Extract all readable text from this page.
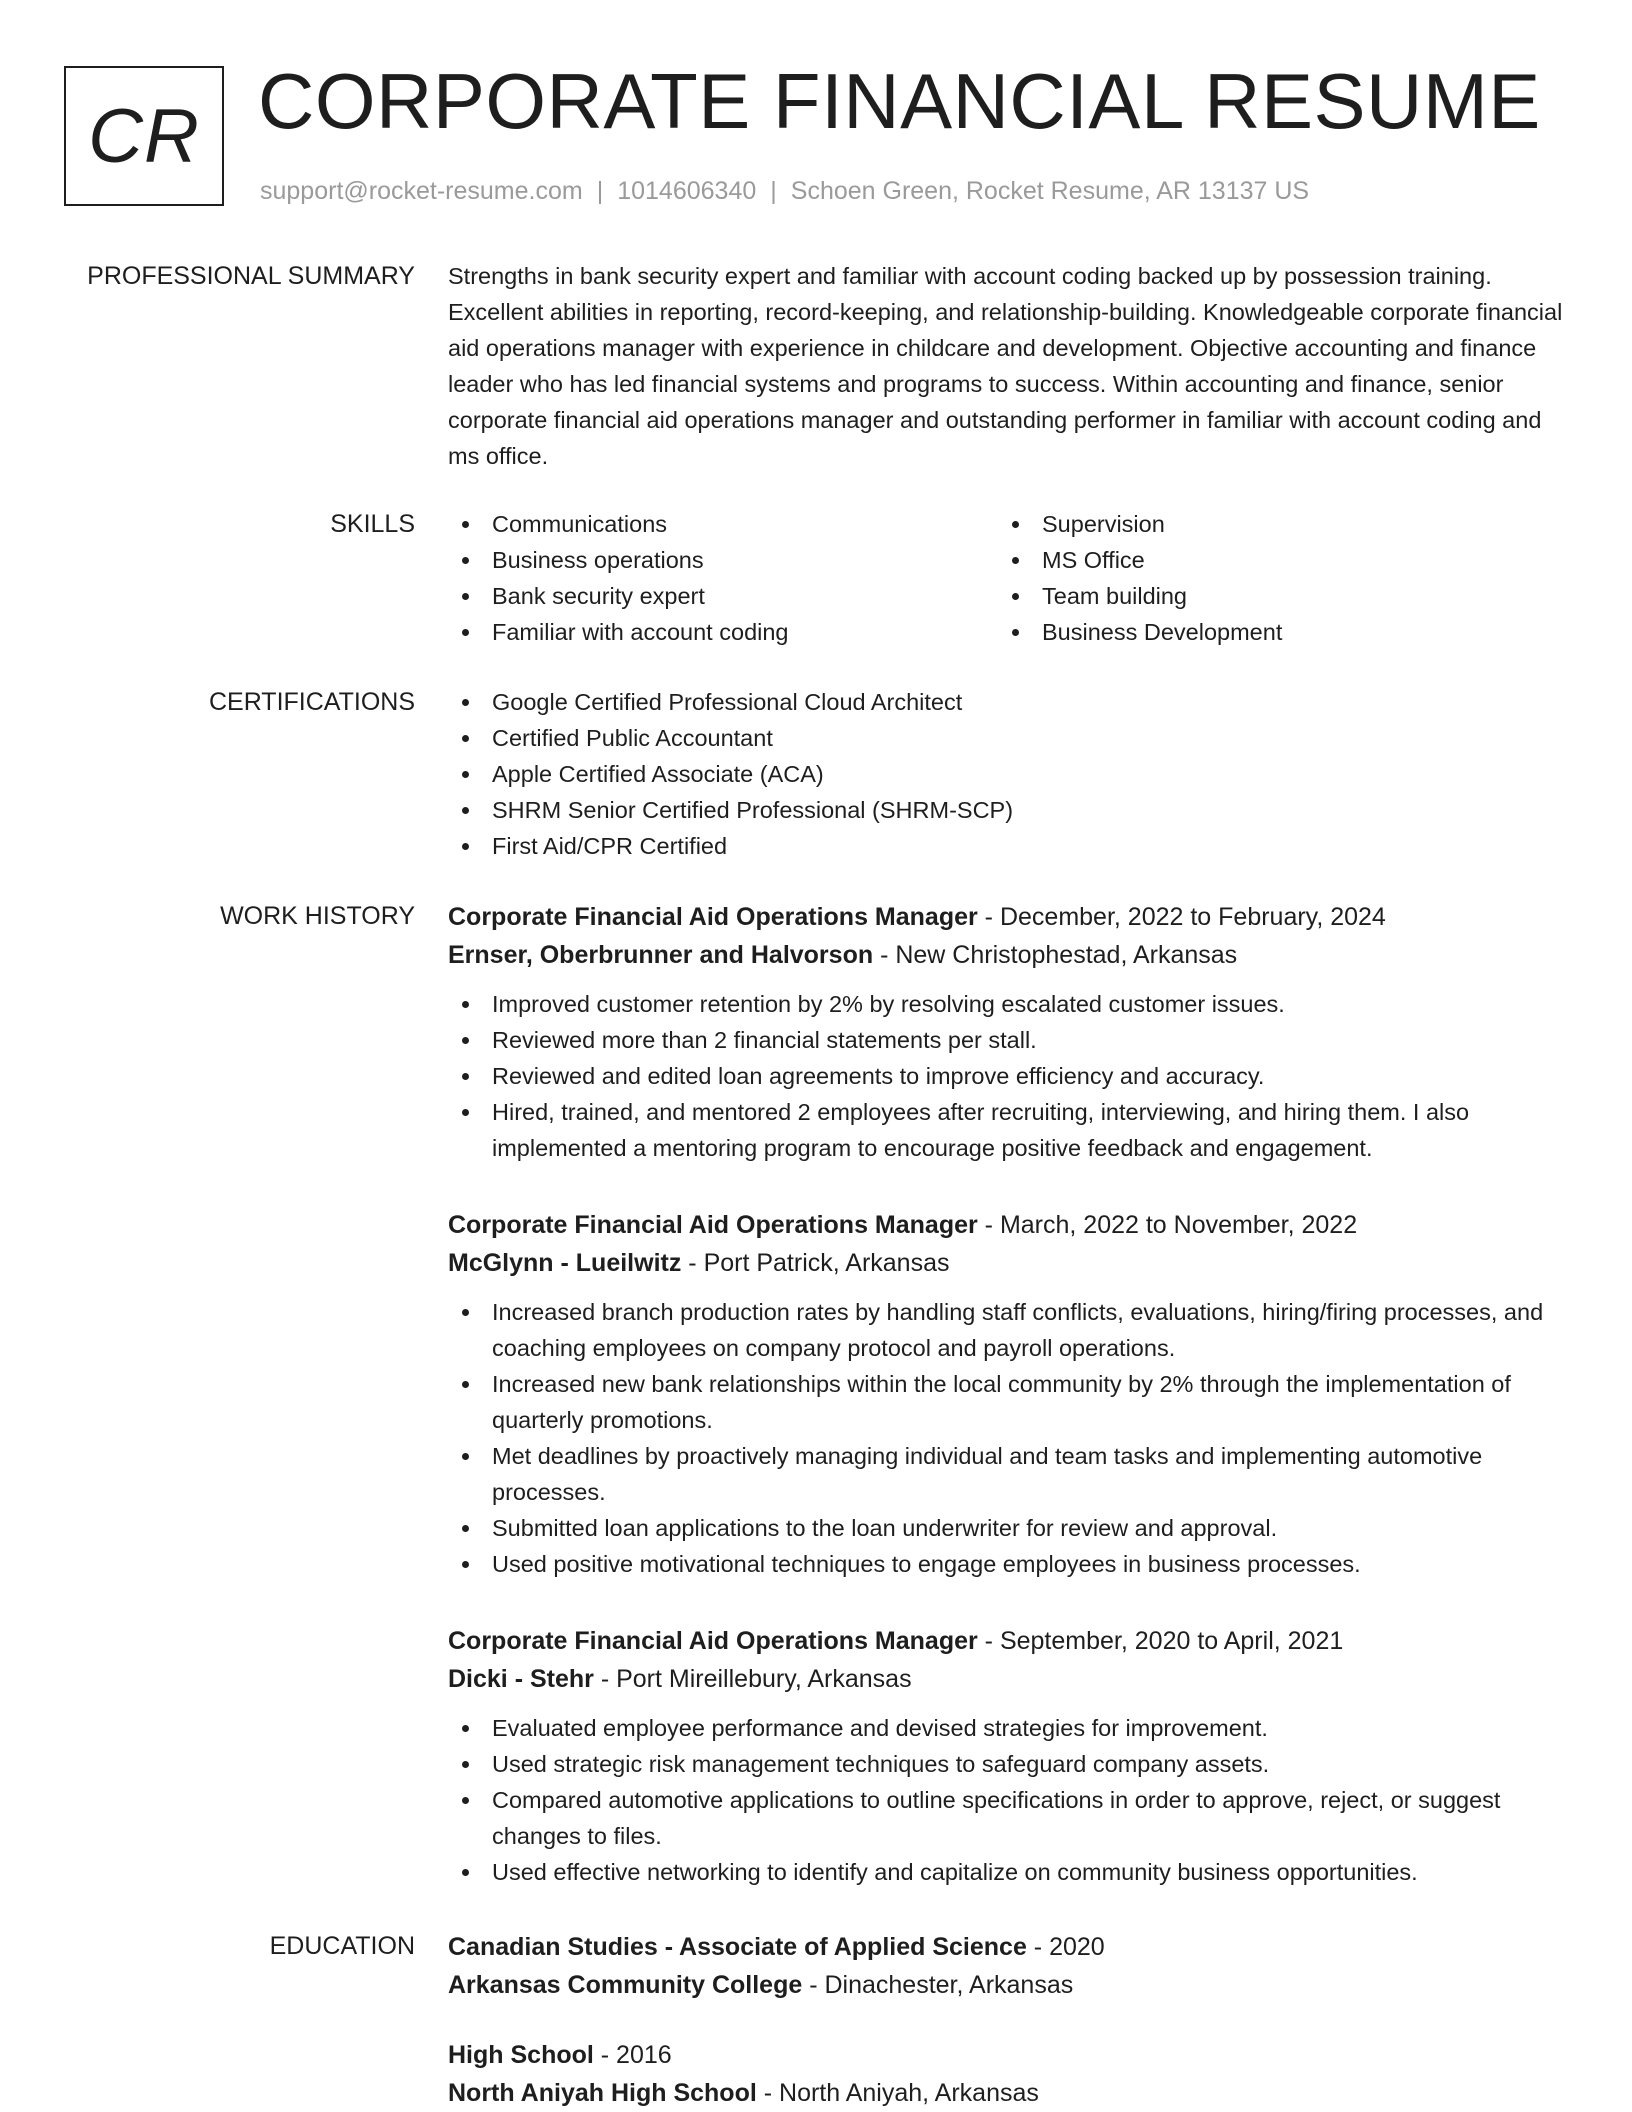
CR CORPORATE FINANCIAL RESUME
support@rocket-resume.com | 1014606340 | Schoen Green, Rocket Resume, AR 13137 US
PROFESSIONAL SUMMARY Strengths in bank security expert and familiar with account coding backed up by possession training. Excellent abilities in reporting, record-keeping, and relationship-building. Knowledgeable corporate financial aid operations manager with experience in childcare and development. Objective accounting and finance leader who has led financial systems and programs to success. Within accounting and finance, senior corporate financial aid operations manager and outstanding performer in familiar with account coding and ms office.

SKILLS	Communications
Business operations
Bank security expert
Familiar with account coding
Supervision
MS Office
Team building
Business Development
CERTIFICATIONS	Google Certified Professional Cloud Architect
Certified Public Accountant
Apple Certified Associate (ACA)
SHRM Senior Certified Professional (SHRM-SCP)
First Aid/CPR Certified
WORK HISTORY Corporate Financial Aid Operations Manager - December, 2022 to February, 2024
Ernser, Oberbrunner and Halvorson - New Christophestad, Arkansas
Improved customer retention by 2% by resolving escalated customer issues.
Reviewed more than 2 financial statements per stall.
Reviewed and edited loan agreements to improve efficiency and accuracy.
Hired, trained, and mentored 2 employees after recruiting, interviewing, and hiring them. I also implemented a mentoring program to encourage positive feedback and engagement.
Corporate Financial Aid Operations Manager - March, 2022 to November, 2022
McGlynn - Lueilwitz - Port Patrick, Arkansas
Increased branch production rates by handling staff conflicts, evaluations, hiring/firing processes, and coaching employees on company protocol and payroll operations.
Increased new bank relationships within the local community by 2% through the implementation of quarterly promotions.
Met deadlines by proactively managing individual and team tasks and implementing automotive processes.
Submitted loan applications to the loan underwriter for review and approval.
Used positive motivational techniques to engage employees in business processes.
Corporate Financial Aid Operations Manager - September, 2020 to April, 2021
Dicki - Stehr - Port Mireillebury, Arkansas
Evaluated employee performance and devised strategies for improvement.
Used strategic risk management techniques to safeguard company assets.
Compared automotive applications to outline specifications in order to approve, reject, or suggest changes to files.
Used effective networking to identify and capitalize on community business opportunities.
EDUCATION Canadian Studies - Associate of Applied Science - 2020
Arkansas Community College - Dinachester, Arkansas
High School - 2016
North Aniyah High School - North Aniyah, Arkansas
